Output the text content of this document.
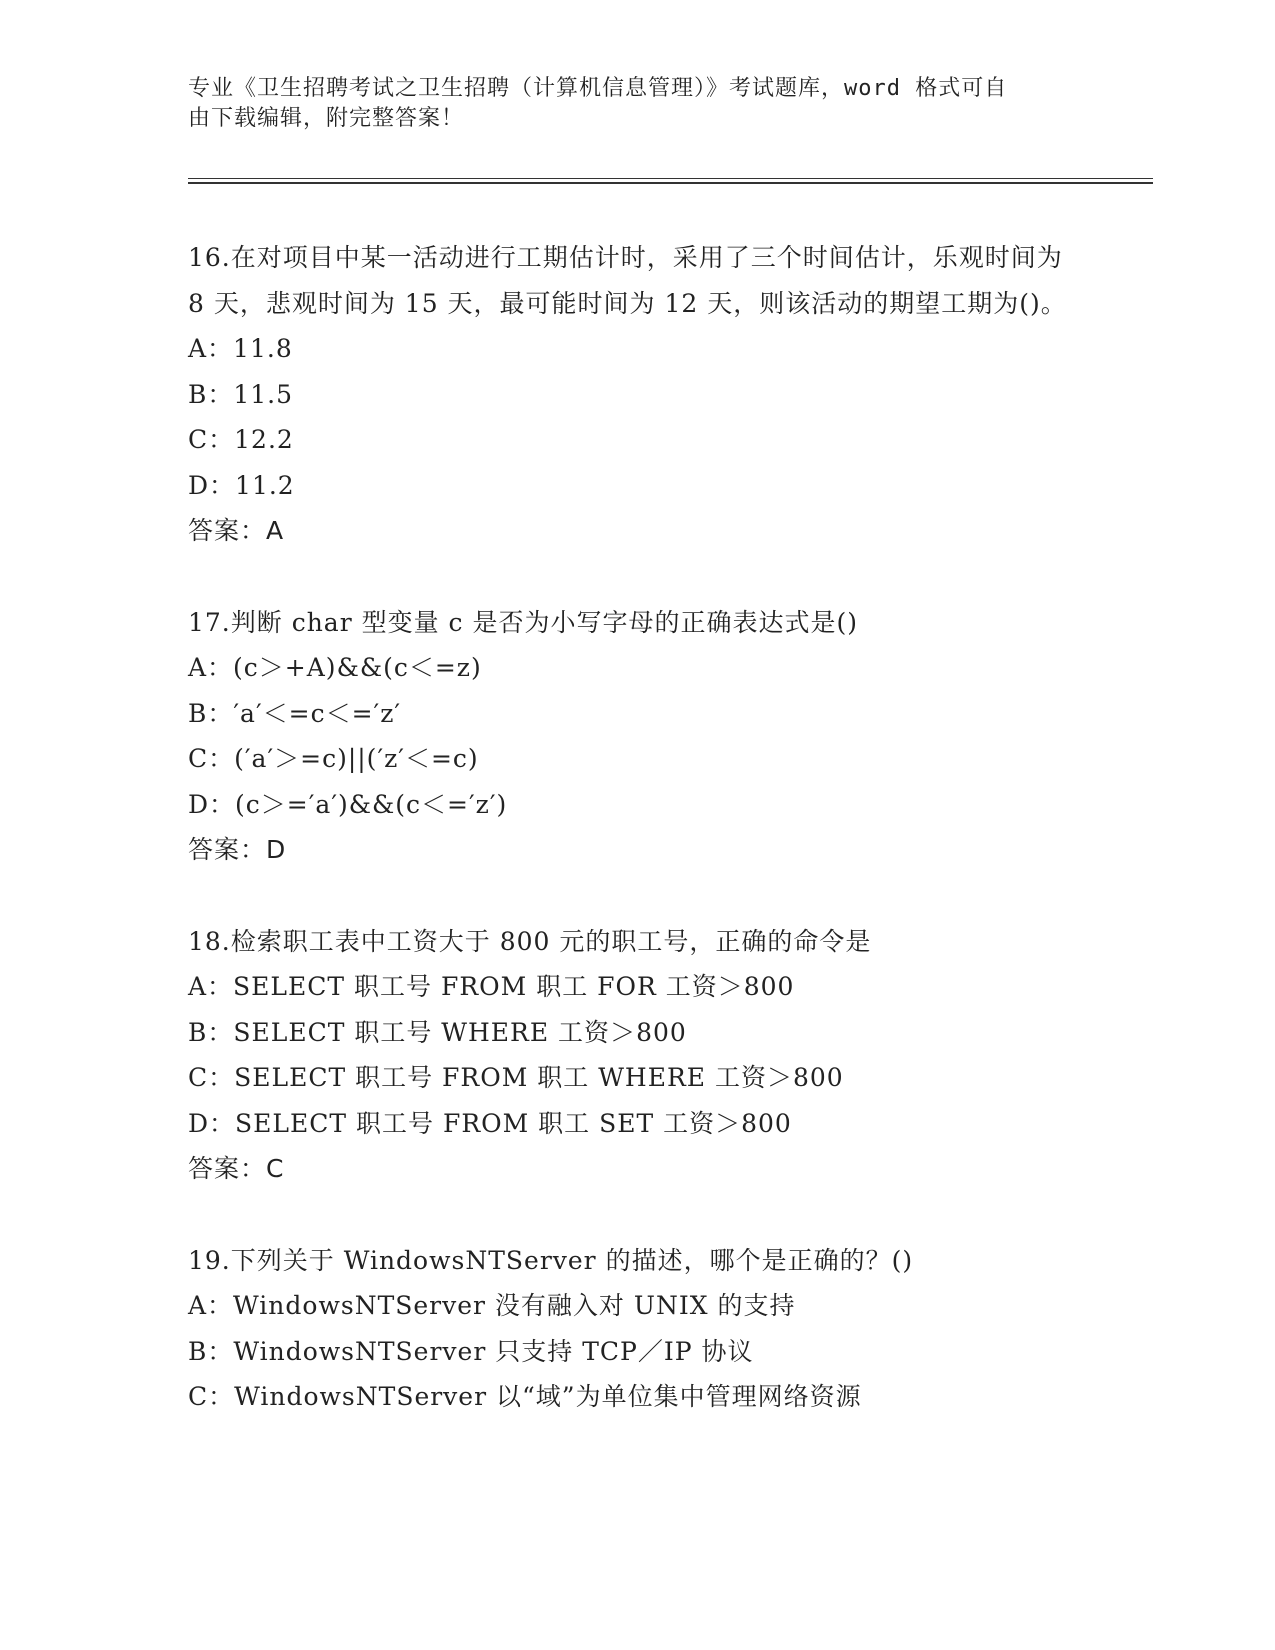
专业《卫生招聘考试之卫生招聘（计算机信息管理）》考试题库，word 格式可自
由下载编辑，附完整答案！

16.在对项目中某一活动进行工期估计时，采用了三个时间估计，乐观时间为 8 天，悲观时间为 15 天，最可能时间为 12 天，则该活动的期望工期为()。

A：11.8

B：11.5

C：12.2

D：11.2

答案：A

17.判断 char 型变量 c 是否为小写字母的正确表达式是()

A：(c＞+A)&&(c＜=z)

B：′a′＜=c＜=′z′

C：(′a′＞=c)||(′z′＜=c)

D：(c＞=′a′)&&(c＜=′z′)

答案：D

18.检索职工表中工资大于 800 元的职工号，正确的命令是

A：SELECT 职工号 FROM 职工 FOR 工资＞800

B：SELECT 职工号 WHERE 工资＞800

C：SELECT 职工号 FROM 职工 WHERE 工资＞800

D：SELECT 职工号 FROM 职工 SET 工资＞800

答案：C

19.下列关于 WindowsNTServer 的描述，哪个是正确的？()

A：WindowsNTServer 没有融入对 UNIX 的支持

B：WindowsNTServer 只支持 TCP／IP 协议

C：WindowsNTServer 以“域”为单位集中管理网络资源
